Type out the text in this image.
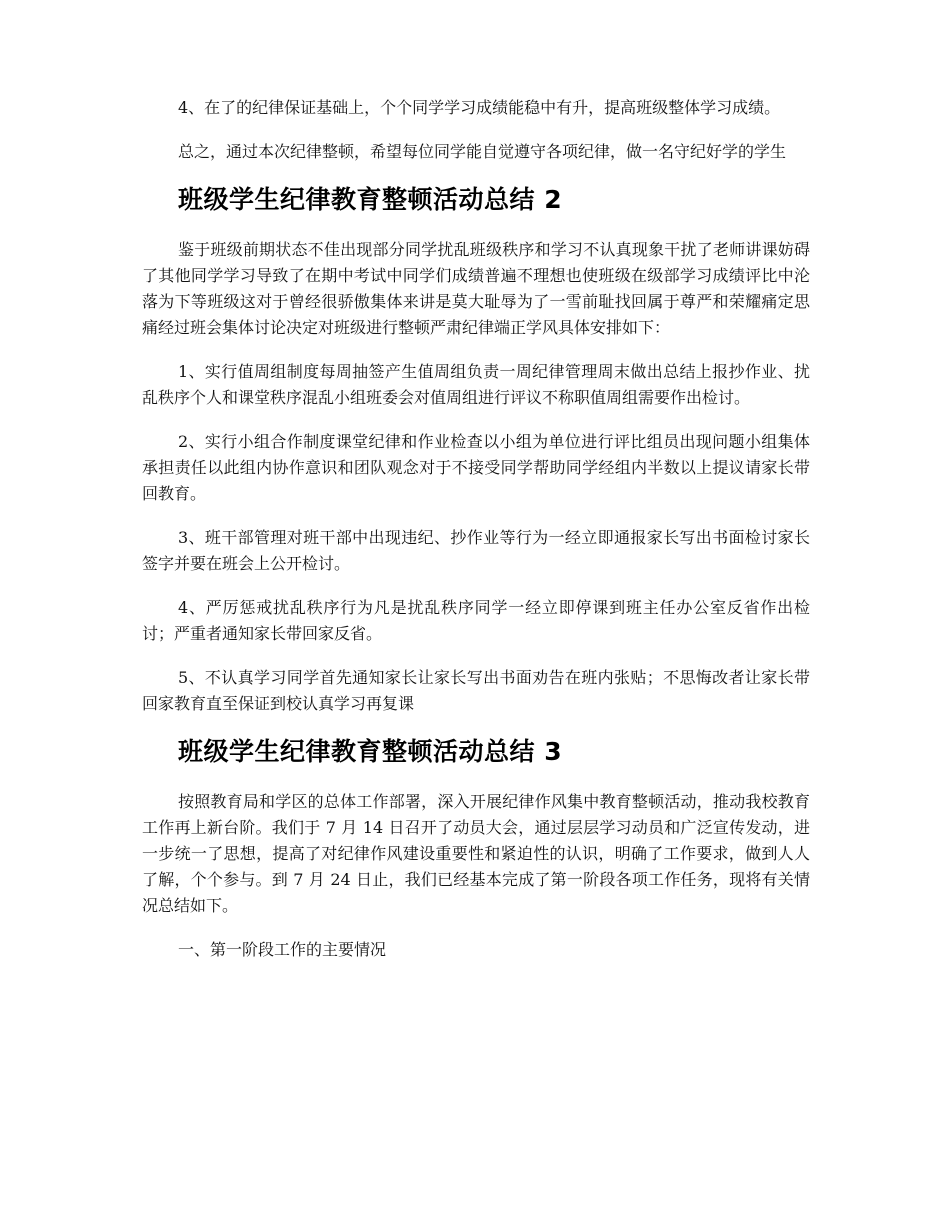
4、在了的纪律保证基础上，个个同学学习成绩能稳中有升，提高班级整体学习成绩。

总之，通过本次纪律整顿，希望每位同学能自觉遵守各项纪律，做一名守纪好学的学生

班级学生纪律教育整顿活动总结 2

鉴于班级前期状态不佳出现部分同学扰乱班级秩序和学习不认真现象干扰了老师讲课妨碍了其他同学学习导致了在期中考试中同学们成绩普遍不理想也使班级在级部学习成绩评比中沦落为下等班级这对于曾经很骄傲集体来讲是莫大耻辱为了一雪前耻找回属于尊严和荣耀痛定思痛经过班会集体讨论决定对班级进行整顿严肃纪律端正学风具体安排如下：

1、实行值周组制度每周抽签产生值周组负责一周纪律管理周末做出总结上报抄作业、扰乱秩序个人和课堂秩序混乱小组班委会对值周组进行评议不称职值周组需要作出检讨。

2、实行小组合作制度课堂纪律和作业检查以小组为单位进行评比组员出现问题小组集体承担责任以此组内协作意识和团队观念对于不接受同学帮助同学经组内半数以上提议请家长带回教育。

3、班干部管理对班干部中出现违纪、抄作业等行为一经立即通报家长写出书面检讨家长签字并要在班会上公开检讨。

4、严厉惩戒扰乱秩序行为凡是扰乱秩序同学一经立即停课到班主任办公室反省作出检讨；严重者通知家长带回家反省。

5、不认真学习同学首先通知家长让家长写出书面劝告在班内张贴；不思悔改者让家长带回家教育直至保证到校认真学习再复课

班级学生纪律教育整顿活动总结 3

按照教育局和学区的总体工作部署，深入开展纪律作风集中教育整顿活动，推动我校教育工作再上新台阶。我们于 7 月 14 日召开了动员大会，通过层层学习动员和广泛宣传发动，进一步统一了思想，提高了对纪律作风建设重要性和紧迫性的认识，明确了工作要求，做到人人了解，个个参与。到 7 月 24 日止，我们已经基本完成了第一阶段各项工作任务，现将有关情况总结如下。

一、第一阶段工作的主要情况
